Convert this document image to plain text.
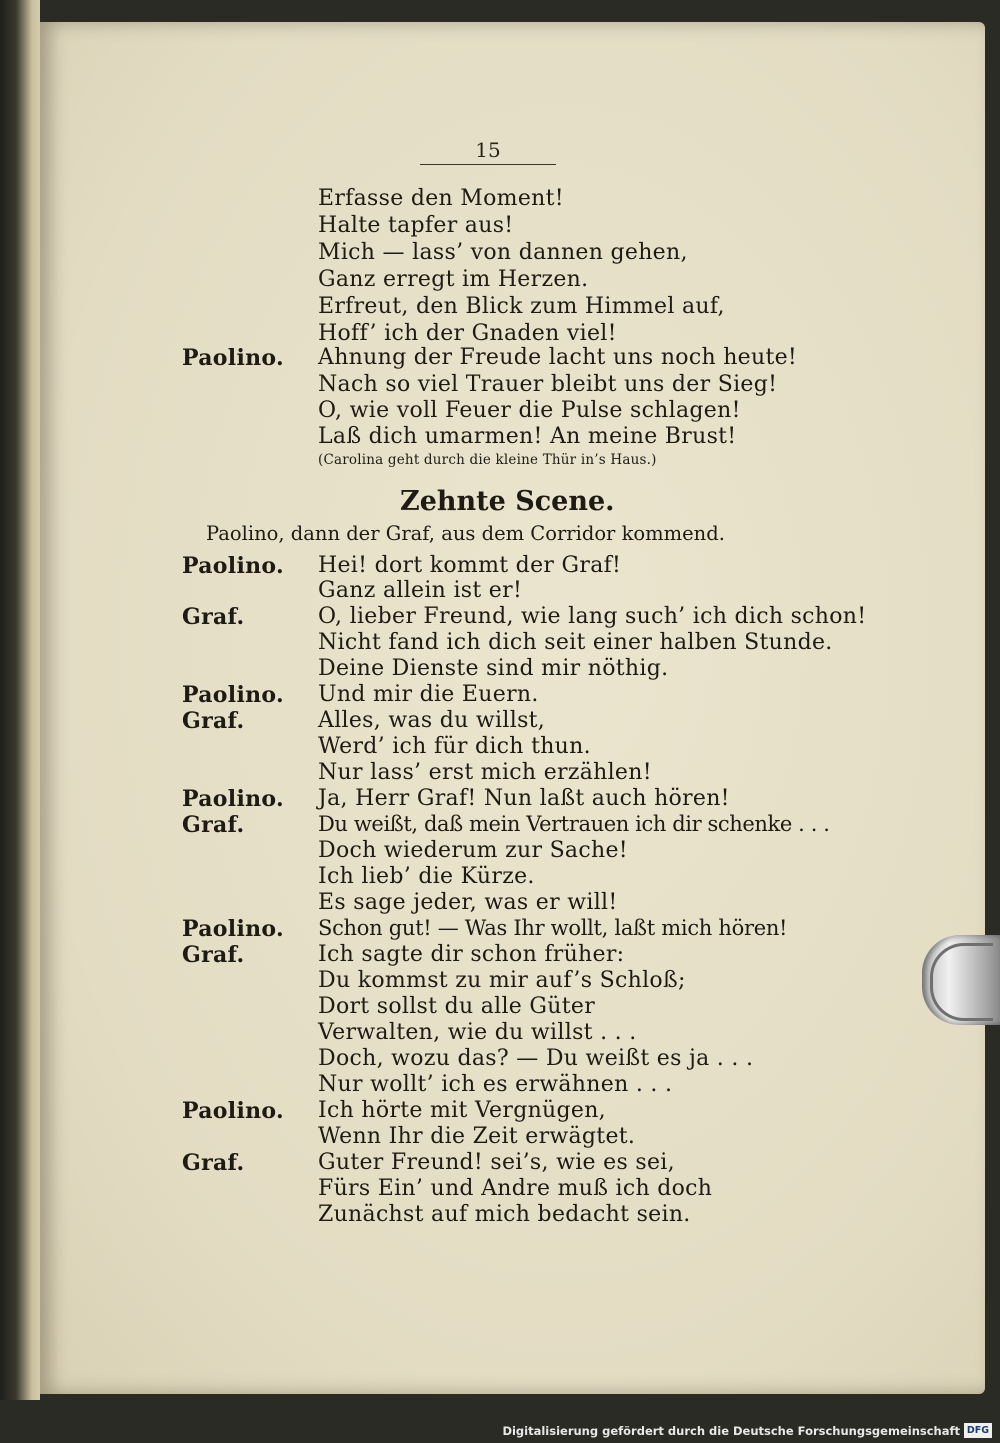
15
Erfasse den Moment!
Halte tapfer aus!
Mich — lass’ von dannen gehen,
Ganz erregt im Herzen.
Erfreut, den Blick zum Himmel auf,
Hoff’ ich der Gnaden viel!
Paolino. Ahnung der Freude lacht uns noch heute!
Nach so viel Trauer bleibt uns der Sieg!
O, wie voll Feuer die Pulse schlagen!
Laß dich umarmen! An meine Brust!
(Carolina geht durch die kleine Thür in’s Haus.)
Zehnte Scene.
Paolino, dann der Graf, aus dem Corridor kommend.
Paolino. Hei! dort kommt der Graf!
Ganz allein ist er!
Graf.	O, lieber Freund, wie lang such’ ich dich schon!
Nicht fand ich dich seit einer halben Stunde.
Deine Dienste sind mir nöthig.
Paolino. Und mir die Euern.
Graf.	Alles, was du willst,
Werd’ ich für dich thun.
Nur lass’ erst mich erzählen!
Paolino. Ja, Herr Graf! Nun laßt auch hören!
Graf.	Du weißt, daß mein Vertrauen ich dir schenke . . .
Doch wiederum zur Sache!
Ich lieb’ die Kürze.
Es sage jeder, was er will!
Paolino. Schon gut! — Was Ihr wollt, laßt mich hören!
Graf.	Ich sagte dir schon früher:
Du kommst zu mir auf’s Schloß;
Dort sollst du alle Güter
Verwalten, wie du willst . . .
Doch, wozu das? — Du weißt es ja . . .
Nur wollt’ ich es erwähnen . . .
Paolino. Ich hörte mit Vergnügen,
Wenn Ihr die Zeit erwägtet.
Graf.	Guter Freund! sei’s, wie es sei,
Fürs Ein’ und Andre muß ich doch
Zunächst auf mich bedacht sein.
Digitalisierung gefördert durch die Deutsche Forschungsgemeinschaft DFG
